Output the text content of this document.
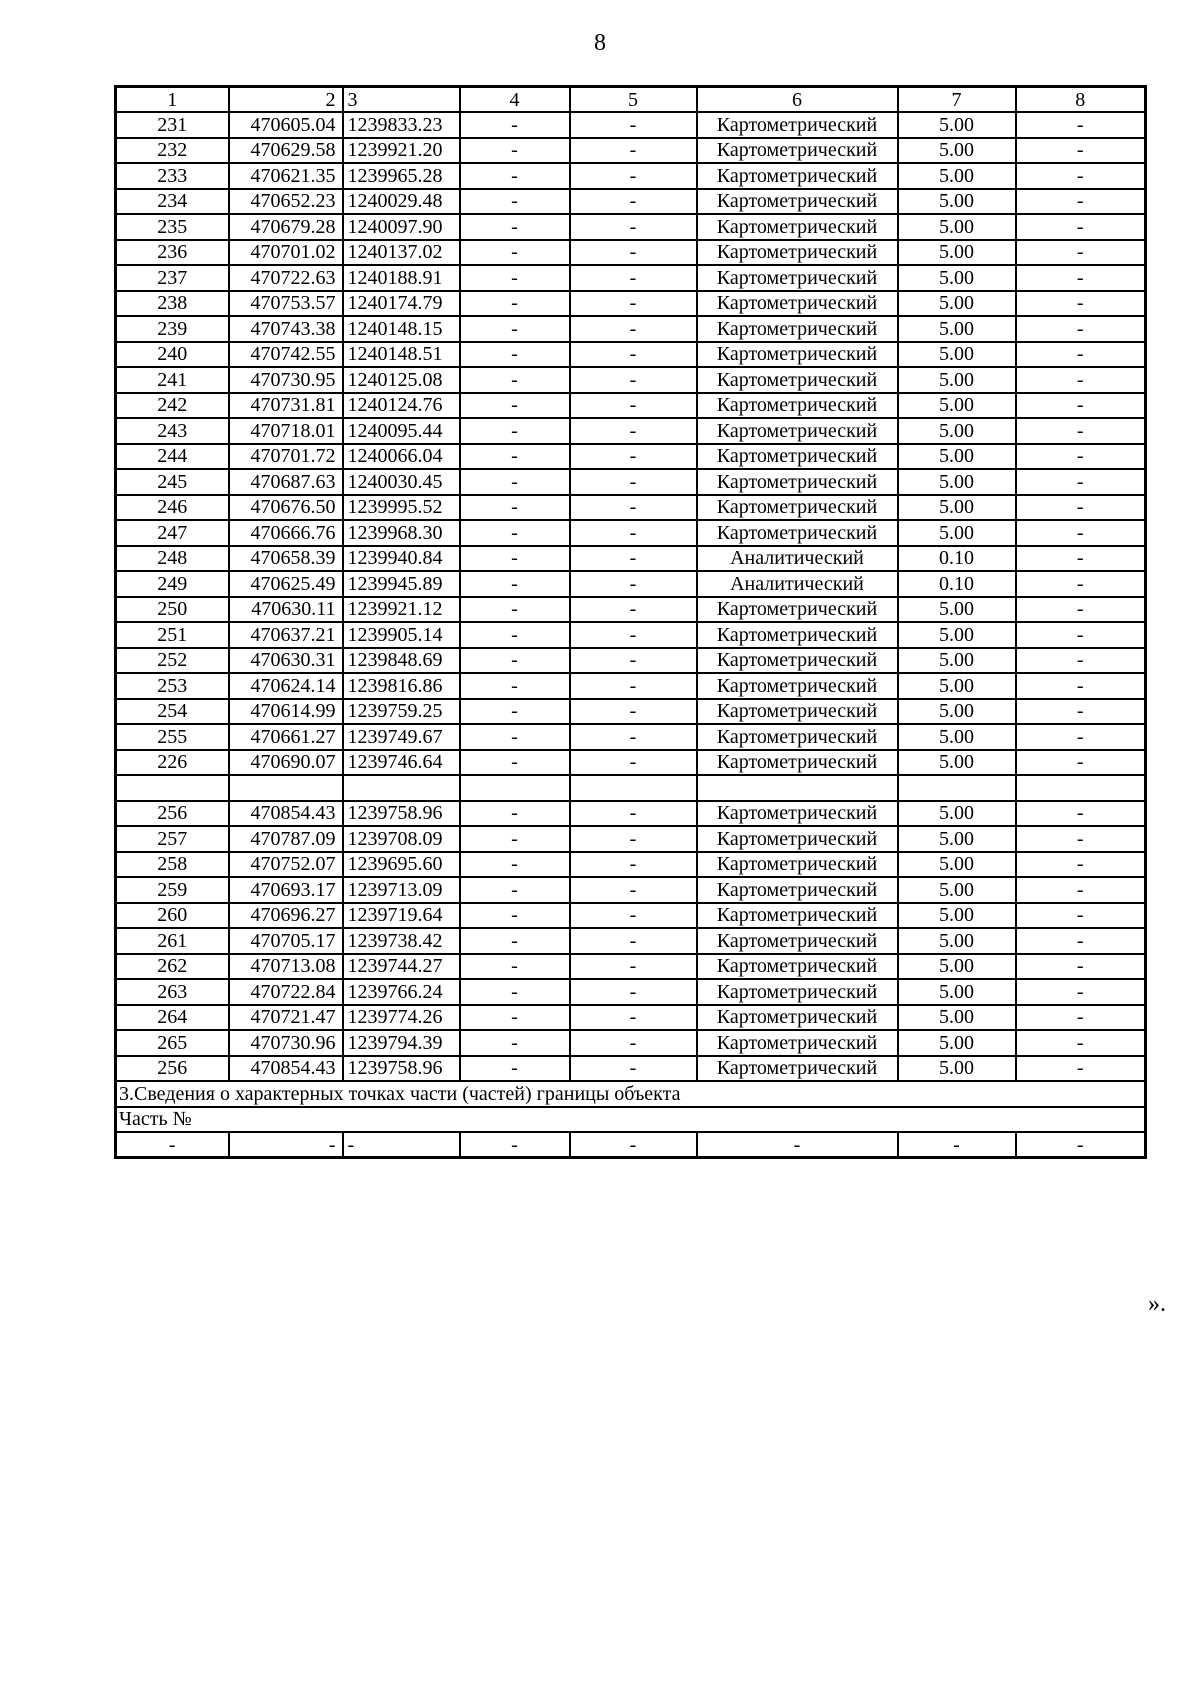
8
1	2	3	4	5	6	7	8
231	470605.04	1239833.23	-	-	Картометрический	5.00	-
232	470629.58	1239921.20	-	-	Картометрический	5.00	-
233	470621.35	1239965.28	-	-	Картометрический	5.00	-
234	470652.23	1240029.48	-	-	Картометрический	5.00	-
235	470679.28	1240097.90	-	-	Картометрический	5.00	-
236	470701.02	1240137.02	-	-	Картометрический	5.00	-
237	470722.63	1240188.91	-	-	Картометрический	5.00	-
238	470753.57	1240174.79	-	-	Картометрический	5.00	-
239	470743.38	1240148.15	-	-	Картометрический	5.00	-
240	470742.55	1240148.51	-	-	Картометрический	5.00	-
241	470730.95	1240125.08	-	-	Картометрический	5.00	-
242	470731.81	1240124.76	-	-	Картометрический	5.00	-
243	470718.01	1240095.44	-	-	Картометрический	5.00	-
244	470701.72	1240066.04	-	-	Картометрический	5.00	-
245	470687.63	1240030.45	-	-	Картометрический	5.00	-
246	470676.50	1239995.52	-	-	Картометрический	5.00	-
247	470666.76	1239968.30	-	-	Картометрический	5.00	-
248	470658.39	1239940.84	-	-	Аналитический	0.10	-
249	470625.49	1239945.89	-	-	Аналитический	0.10	-
250	470630.11	1239921.12	-	-	Картометрический	5.00	-
251	470637.21	1239905.14	-	-	Картометрический	5.00	-
252	470630.31	1239848.69	-	-	Картометрический	5.00	-
253	470624.14	1239816.86	-	-	Картометрический	5.00	-
254	470614.99	1239759.25	-	-	Картометрический	5.00	-
255	470661.27	1239749.67	-	-	Картометрический	5.00	-
226	470690.07	1239746.64	-	-	Картометрический	5.00	-

256	470854.43	1239758.96	-	-	Картометрический	5.00	-
257	470787.09	1239708.09	-	-	Картометрический	5.00	-
258	470752.07	1239695.60	-	-	Картометрический	5.00	-
259	470693.17	1239713.09	-	-	Картометрический	5.00	-
260	470696.27	1239719.64	-	-	Картометрический	5.00	-
261	470705.17	1239738.42	-	-	Картометрический	5.00	-
262	470713.08	1239744.27	-	-	Картометрический	5.00	-
263	470722.84	1239766.24	-	-	Картометрический	5.00	-
264	470721.47	1239774.26	-	-	Картометрический	5.00	-
265	470730.96	1239794.39	-	-	Картометрический	5.00	-
256	470854.43	1239758.96	-	-	Картометрический	5.00	-
3.Сведения о характерных точках части (частей) границы объекта							
Часть №							
-	-	-	-	-	-	-	-
».
